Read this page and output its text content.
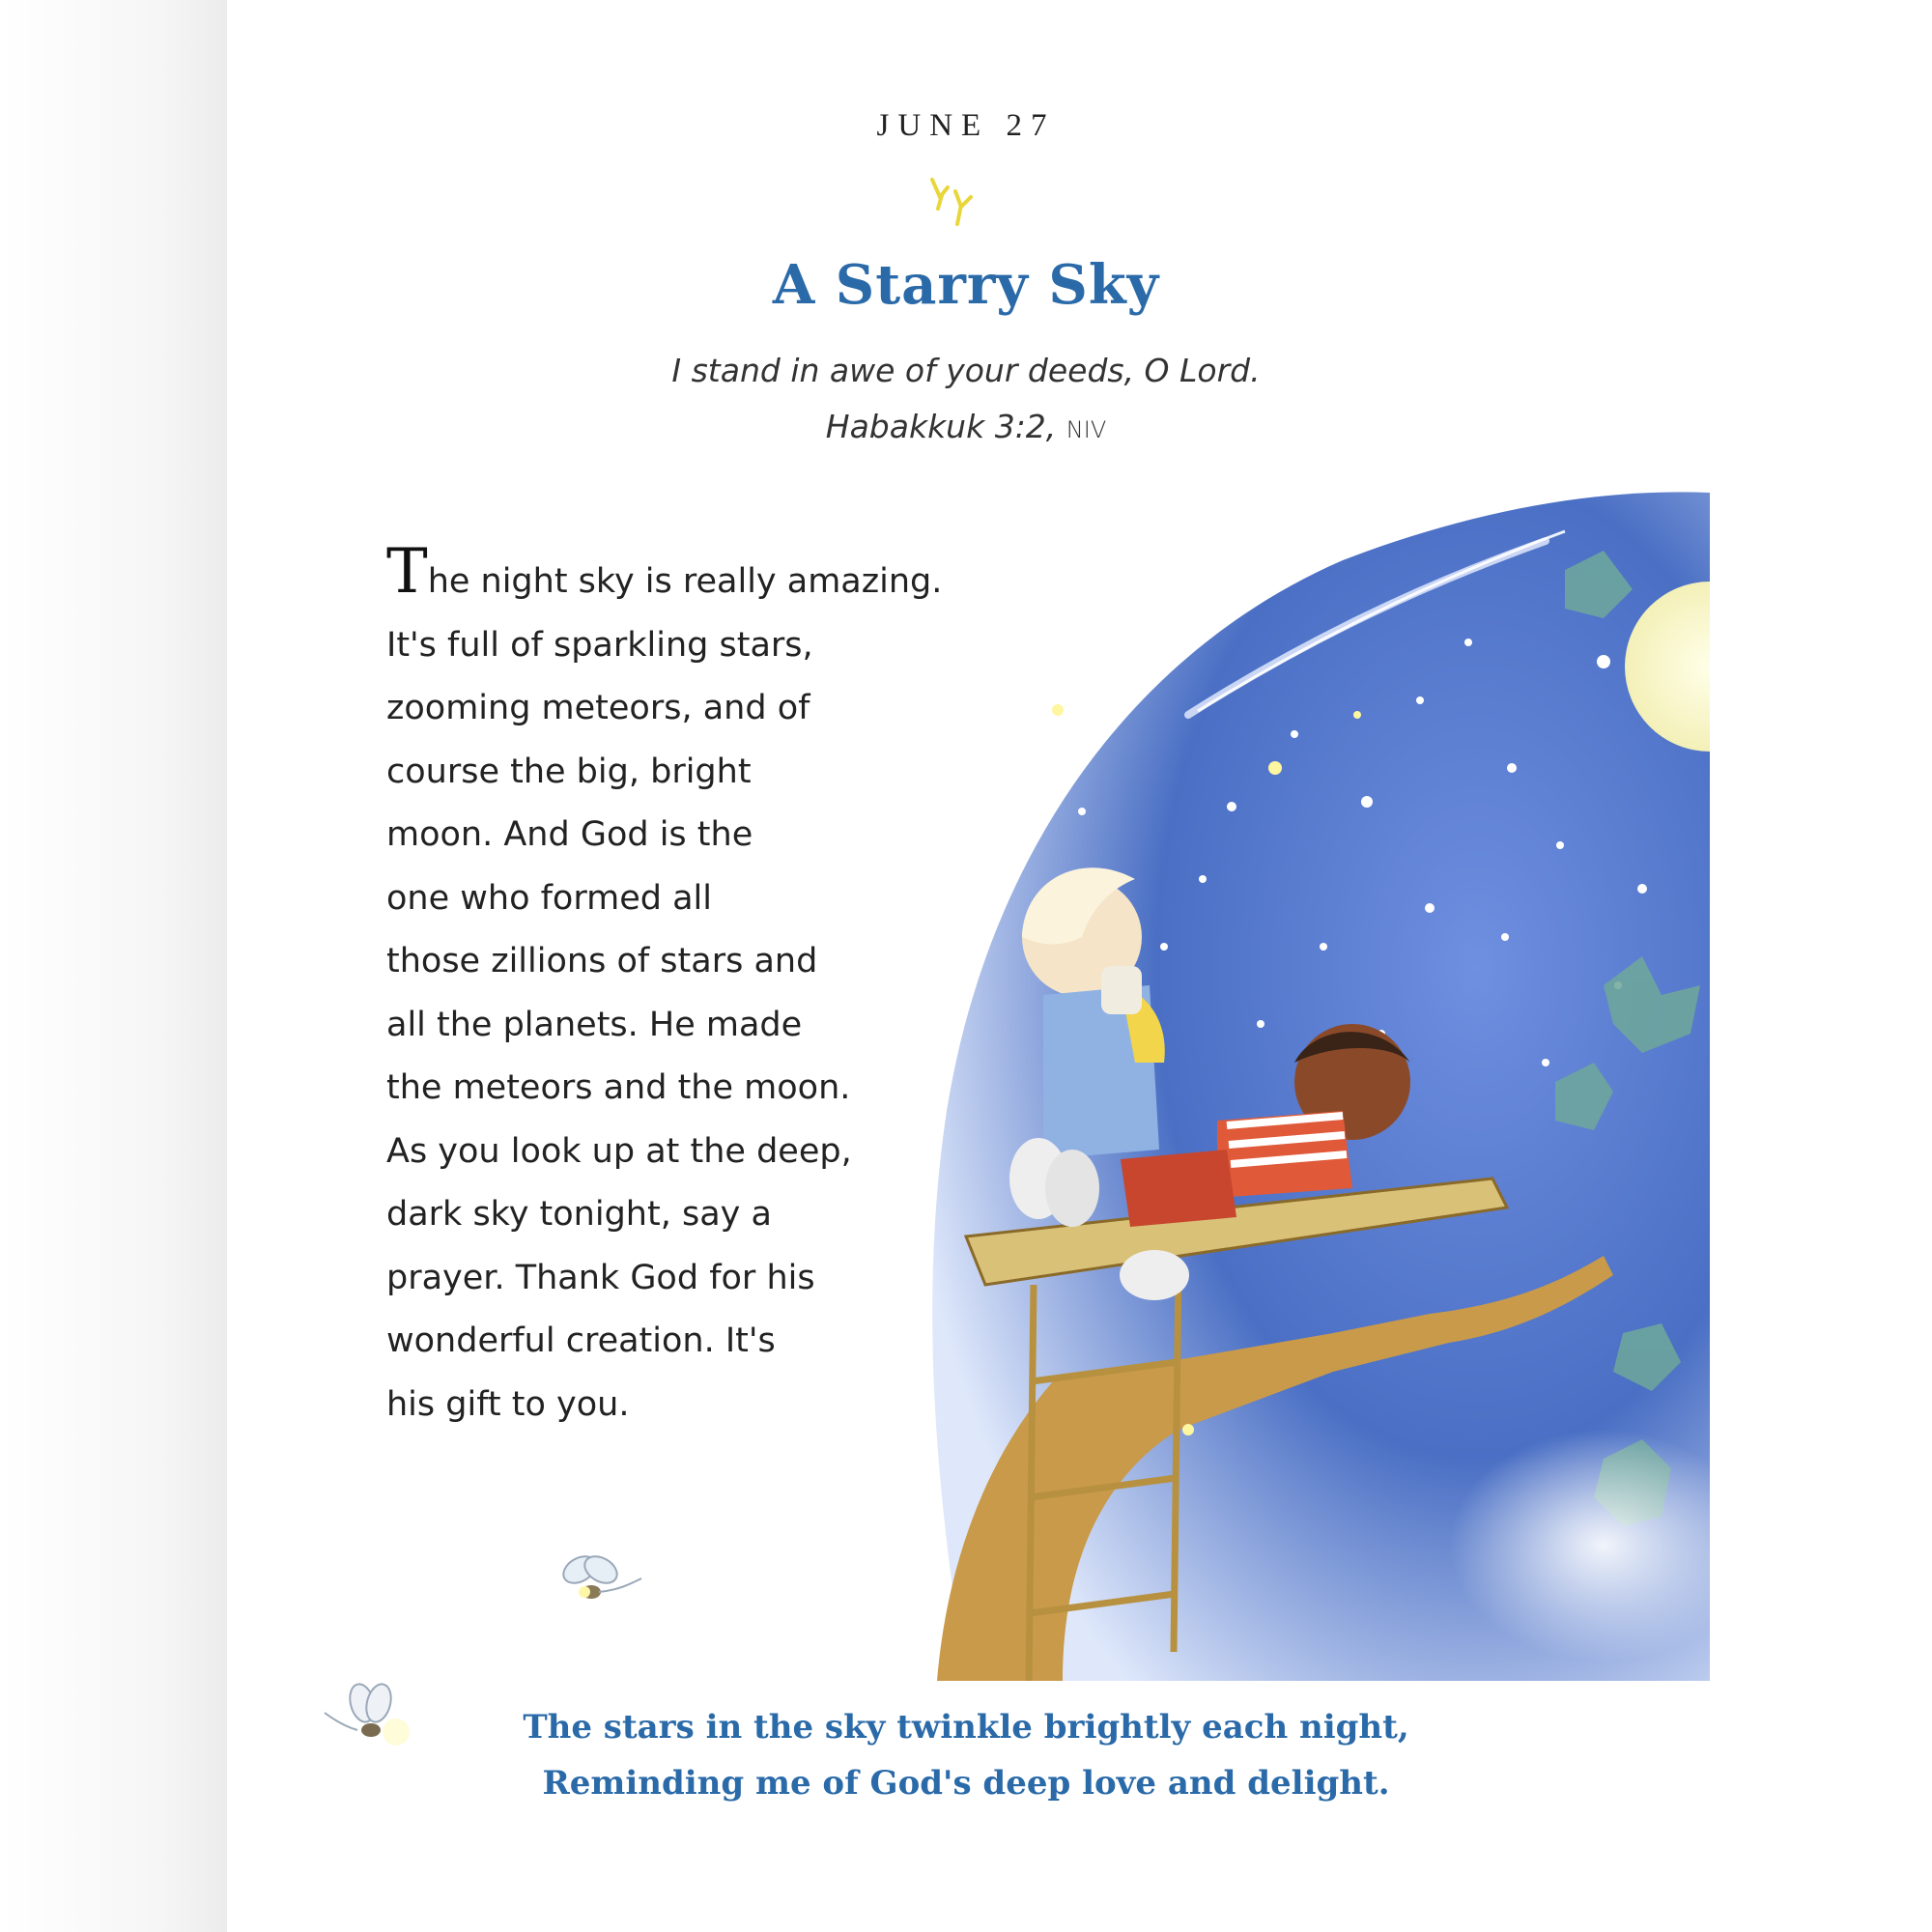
JUNE 27
A Starry Sky
I stand in awe of your deeds, O Lord.
Habakkuk 3:2, NIV
The night sky is really amazing.
It's full of sparkling stars,
zooming meteors, and of
course the big, bright
moon. And God is the
one who formed all
those zillions of stars and
all the planets. He made
the meteors and the moon.
As you look up at the deep,
dark sky tonight, say a
prayer. Thank God for his
wonderful creation. It's
his gift to you.
The stars in the sky twinkle brightly each night,
Reminding me of God's deep love and delight.
